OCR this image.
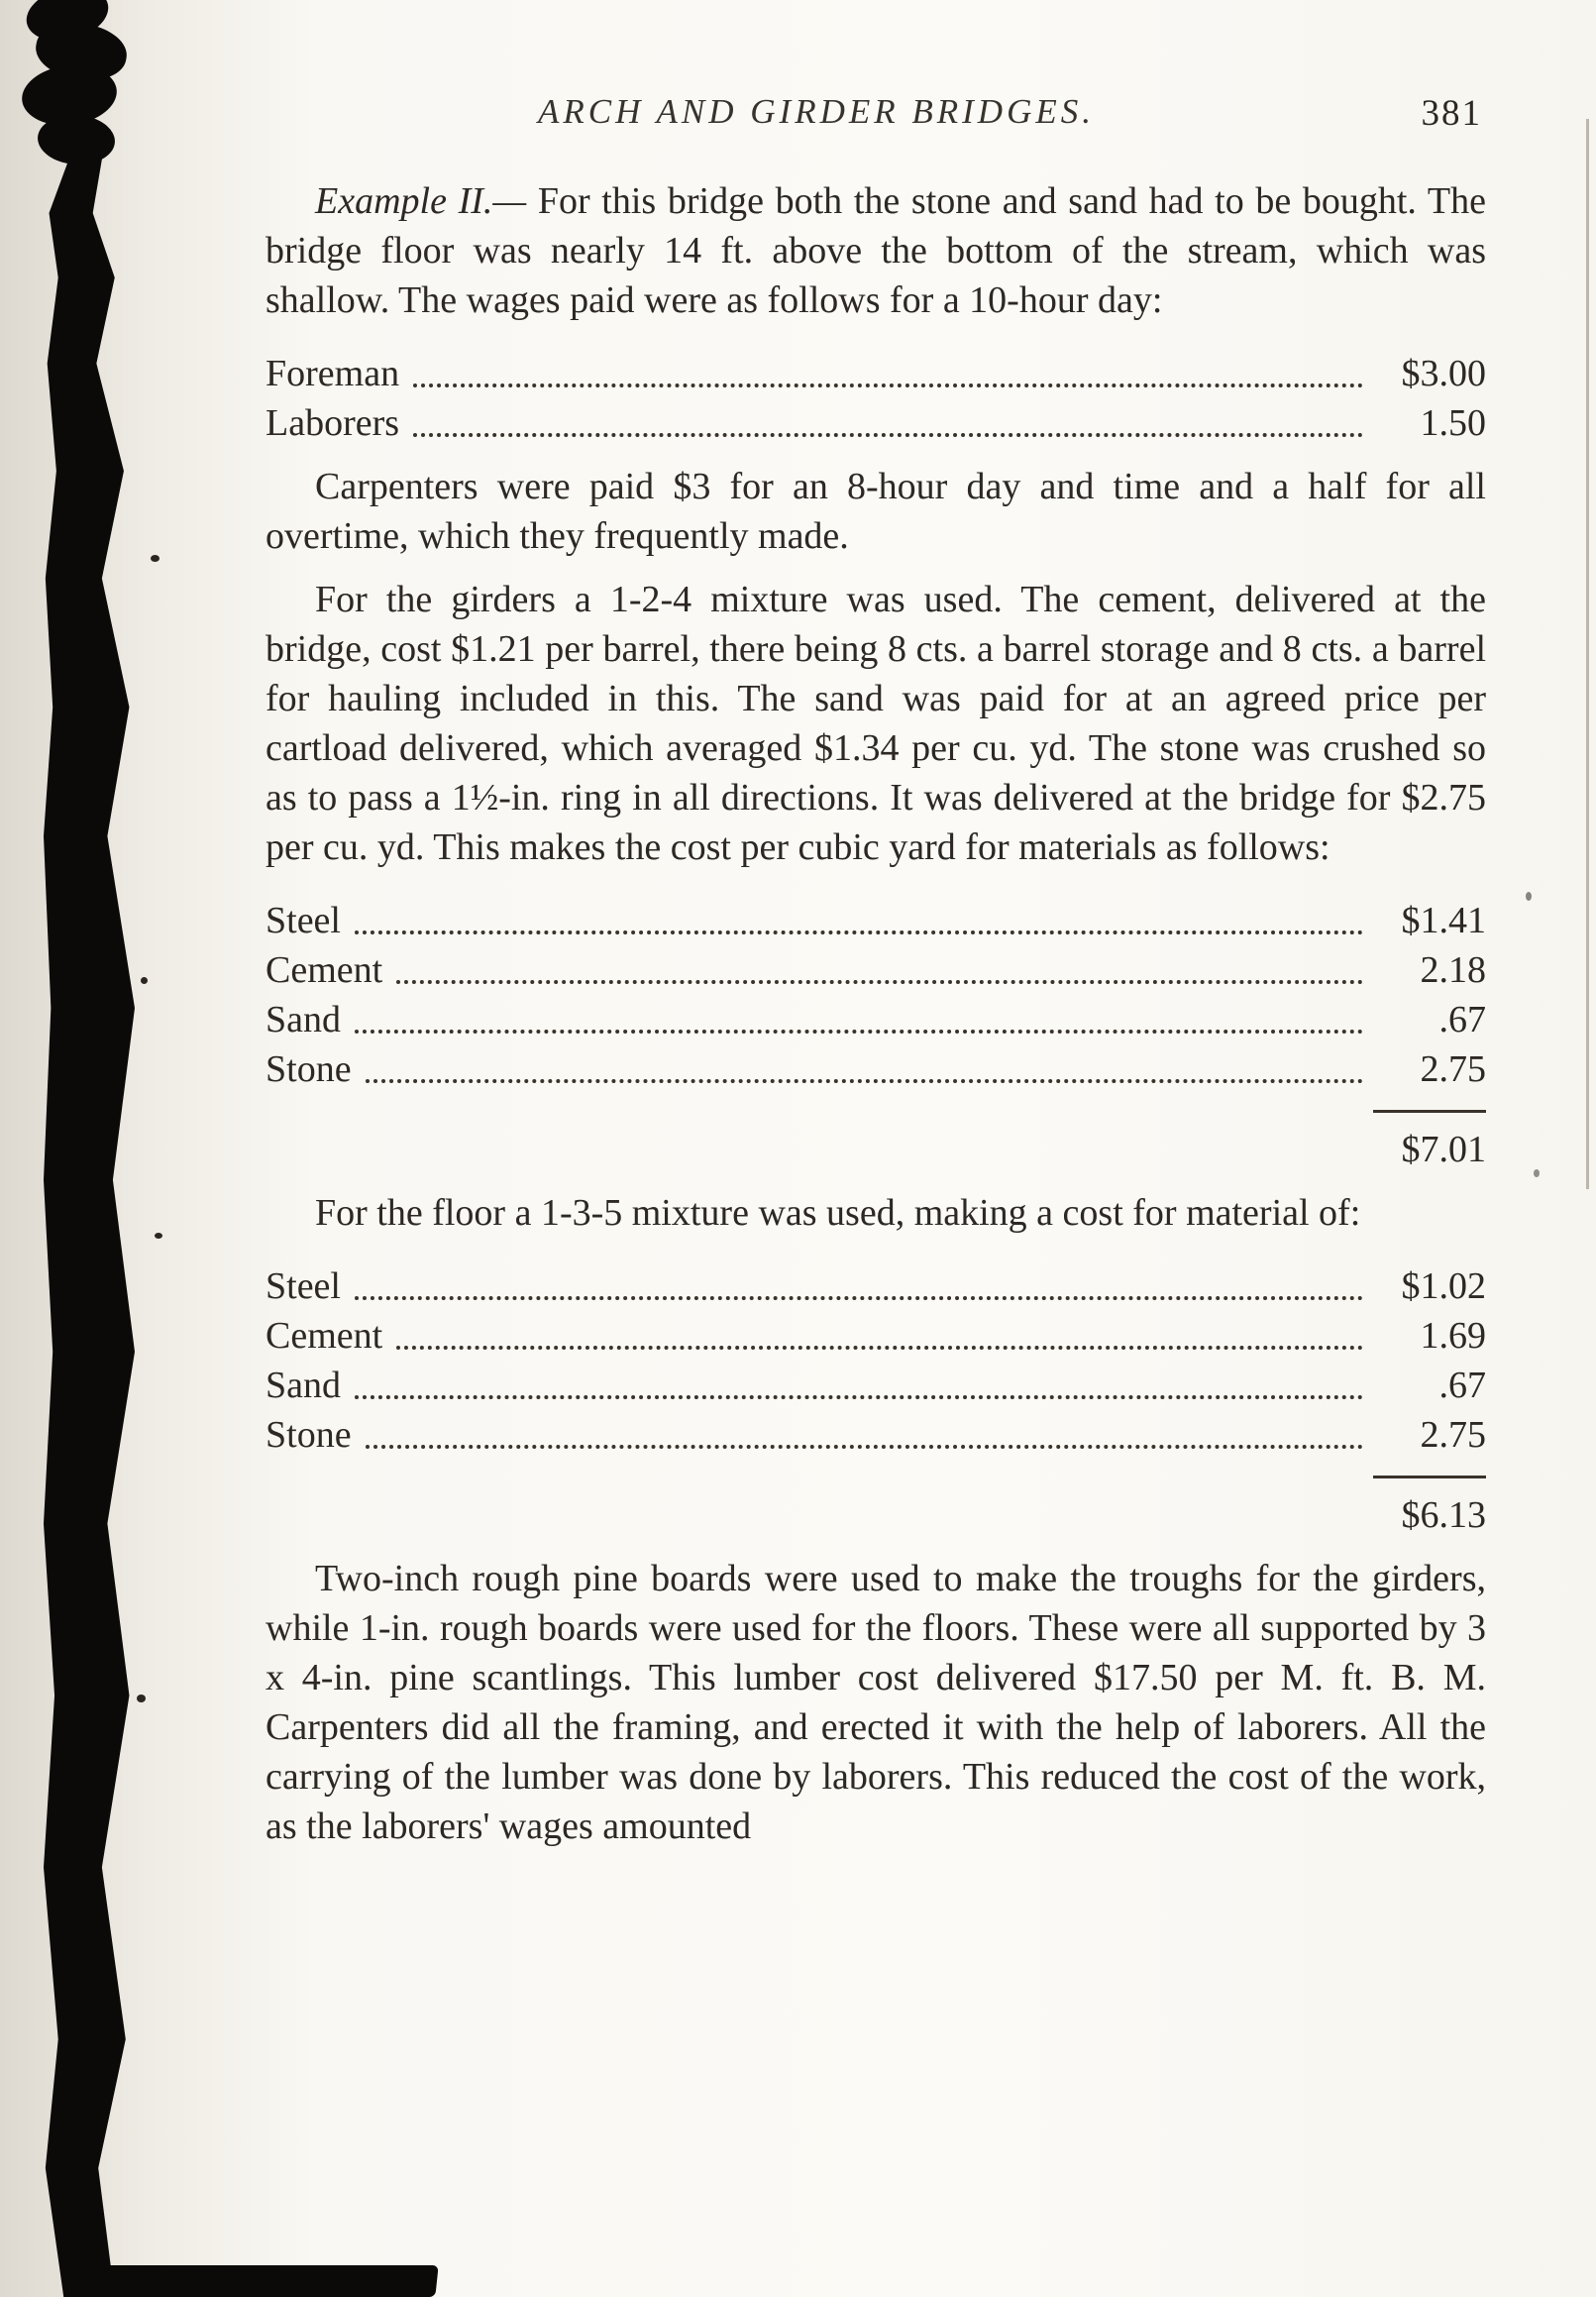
ARCH AND GIRDER BRIDGES.	381

Example II.— For this bridge both the stone and sand had to be bought. The bridge floor was nearly 14 ft. above the bottom of the stream, which was shallow. The wages paid were as follows for a 10-hour day:

Foreman	$3.00
Laborers	1.50

Carpenters were paid $3 for an 8-hour day and time and a half for all overtime, which they frequently made.

For the girders a 1-2-4 mixture was used. The cement, delivered at the bridge, cost $1.21 per barrel, there being 8 cts. a barrel storage and 8 cts. a barrel for hauling included in this. The sand was paid for at an agreed price per cartload delivered, which averaged $1.34 per cu. yd. The stone was crushed so as to pass a 1½-in. ring in all directions. It was delivered at the bridge for $2.75 per cu. yd. This makes the cost per cubic yard for materials as follows:

Steel	$1.41
Cement	2.18
Sand	.67
Stone	2.75
$7.01

For the floor a 1-3-5 mixture was used, making a cost for material of:

Steel	$1.02
Cement	1.69
Sand	.67
Stone	2.75
$6.13

Two-inch rough pine boards were used to make the troughs for the girders, while 1-in. rough boards were used for the floors. These were all supported by 3 x 4-in. pine scantlings. This lumber cost delivered $17.50 per M. ft. B. M. Carpenters did all the framing, and erected it with the help of laborers. All the carrying of the lumber was done by laborers. This reduced the cost of the work, as the laborers' wages amounted
